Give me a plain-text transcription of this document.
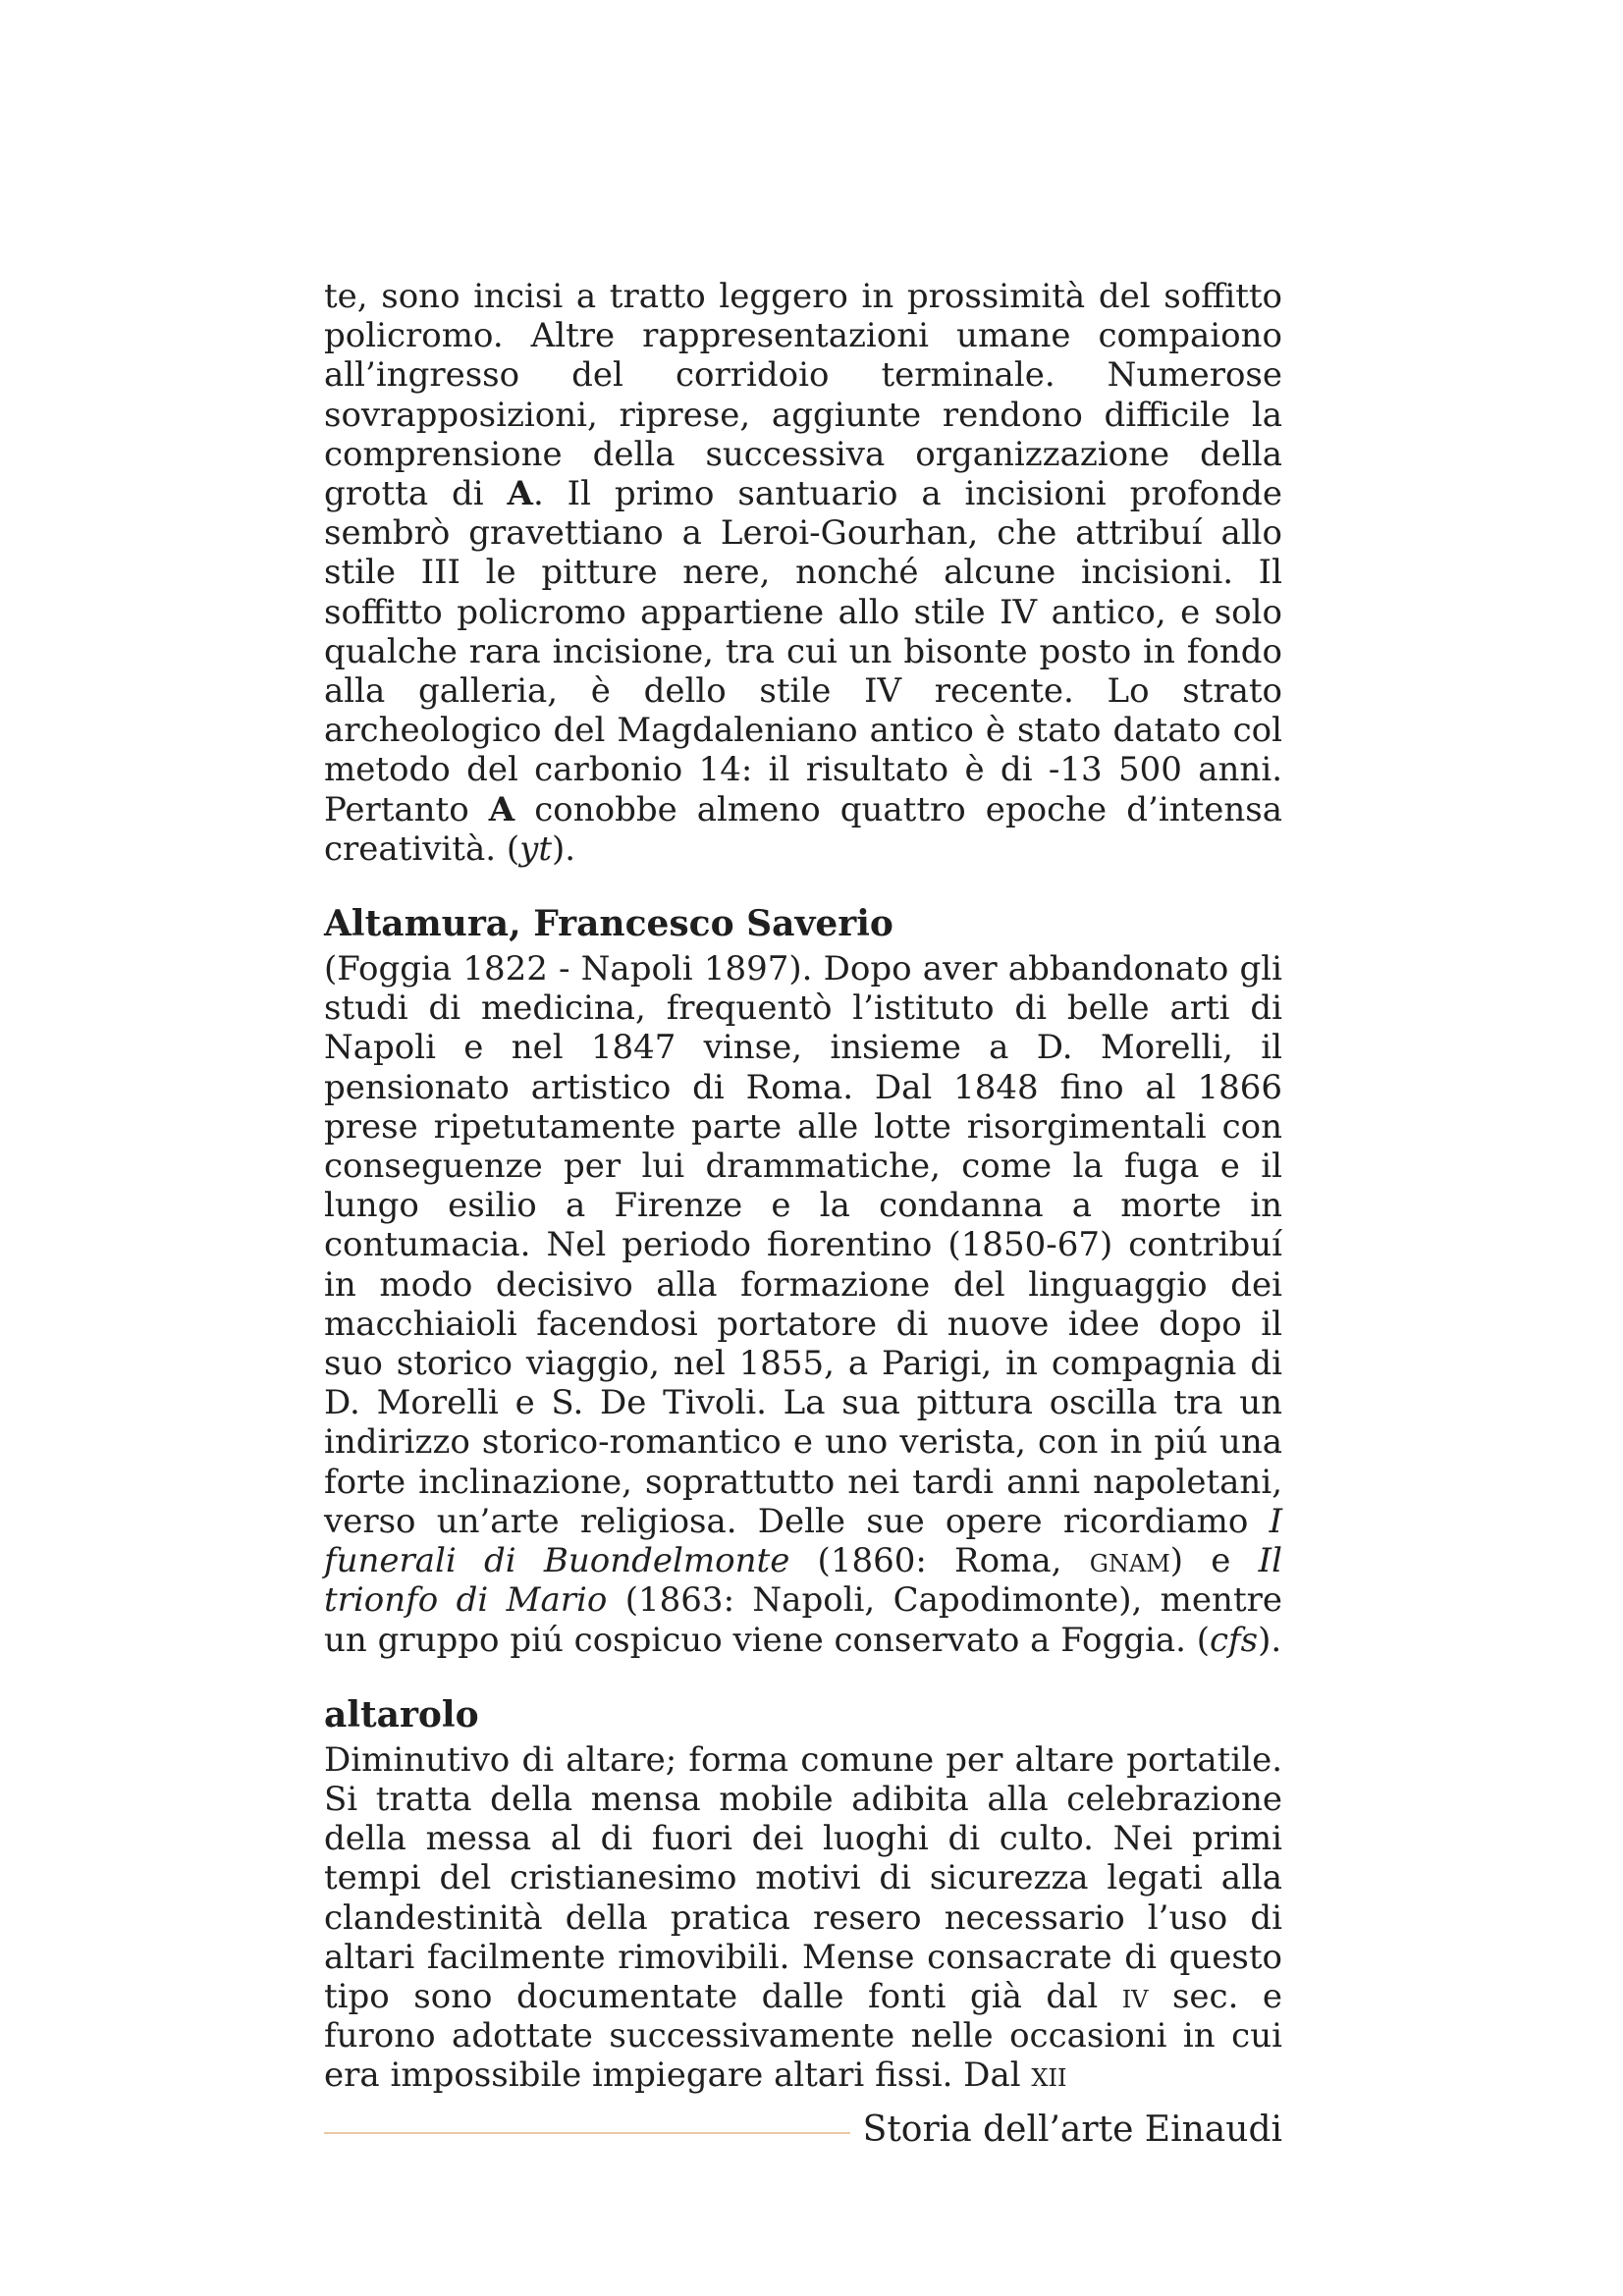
te, sono incisi a tratto leggero in prossimità del soffitto policromo. Altre rappresentazioni umane compaiono all’ingresso del corridoio terminale. Numerose sovrapposizioni, riprese, aggiunte rendono difficile la comprensione della successiva organizzazione della grotta di A. Il primo santuario a incisioni profonde sembrò gravettiano a Leroi-Gourhan, che attribuí allo stile III le pitture nere, nonché alcune incisioni. Il soffitto policromo appartiene allo stile IV antico, e solo qualche rara incisione, tra cui un bisonte posto in fondo alla galleria, è dello stile IV recente. Lo strato archeologico del Magdaleniano antico è stato datato col metodo del carbonio 14: il risultato è di -13 500 anni. Pertanto A conobbe almeno quattro epoche d’intensa creatività. (yt).

Altamura, Francesco Saverio

(Foggia 1822 - Napoli 1897). Dopo aver abbandonato gli studi di medicina, frequentò l’istituto di belle arti di Napoli e nel 1847 vinse, insieme a D. Morelli, il pensionato artistico di Roma. Dal 1848 fino al 1866 prese ripetutamente parte alle lotte risorgimentali con conseguenze per lui drammatiche, come la fuga e il lungo esilio a Firenze e la condanna a morte in contumacia. Nel periodo fiorentino (1850-67) contribuí in modo decisivo alla formazione del linguaggio dei macchiaioli facendosi portatore di nuove idee dopo il suo storico viaggio, nel 1855, a Parigi, in compagnia di D. Morelli e S. De Tivoli. La sua pittura oscilla tra un indirizzo storico-romantico e uno verista, con in piú una forte inclinazione, soprattutto nei tardi anni napoletani, verso un’arte religiosa. Delle sue opere ricordiamo I funerali di Buondelmonte (1860: Roma, gnam) e Il trionfo di Mario (1863: Napoli, Capodimonte), mentre un gruppo piú cospicuo viene conservato a Foggia. (cfs).

altarolo

Diminutivo di altare; forma comune per altare portatile. Si tratta della mensa mobile adibita alla celebrazione della messa al di fuori dei luoghi di culto. Nei primi tempi del cristianesimo motivi di sicurezza legati alla clandestinità della pratica resero necessario l’uso di altari facilmente rimovibili. Mense consacrate di questo tipo sono documentate dalle fonti già dal iv sec. e furono adottate successivamente nelle occasioni in cui era impossibile impiegare altari fissi. Dal xii

Storia dell’arte Einaudi
